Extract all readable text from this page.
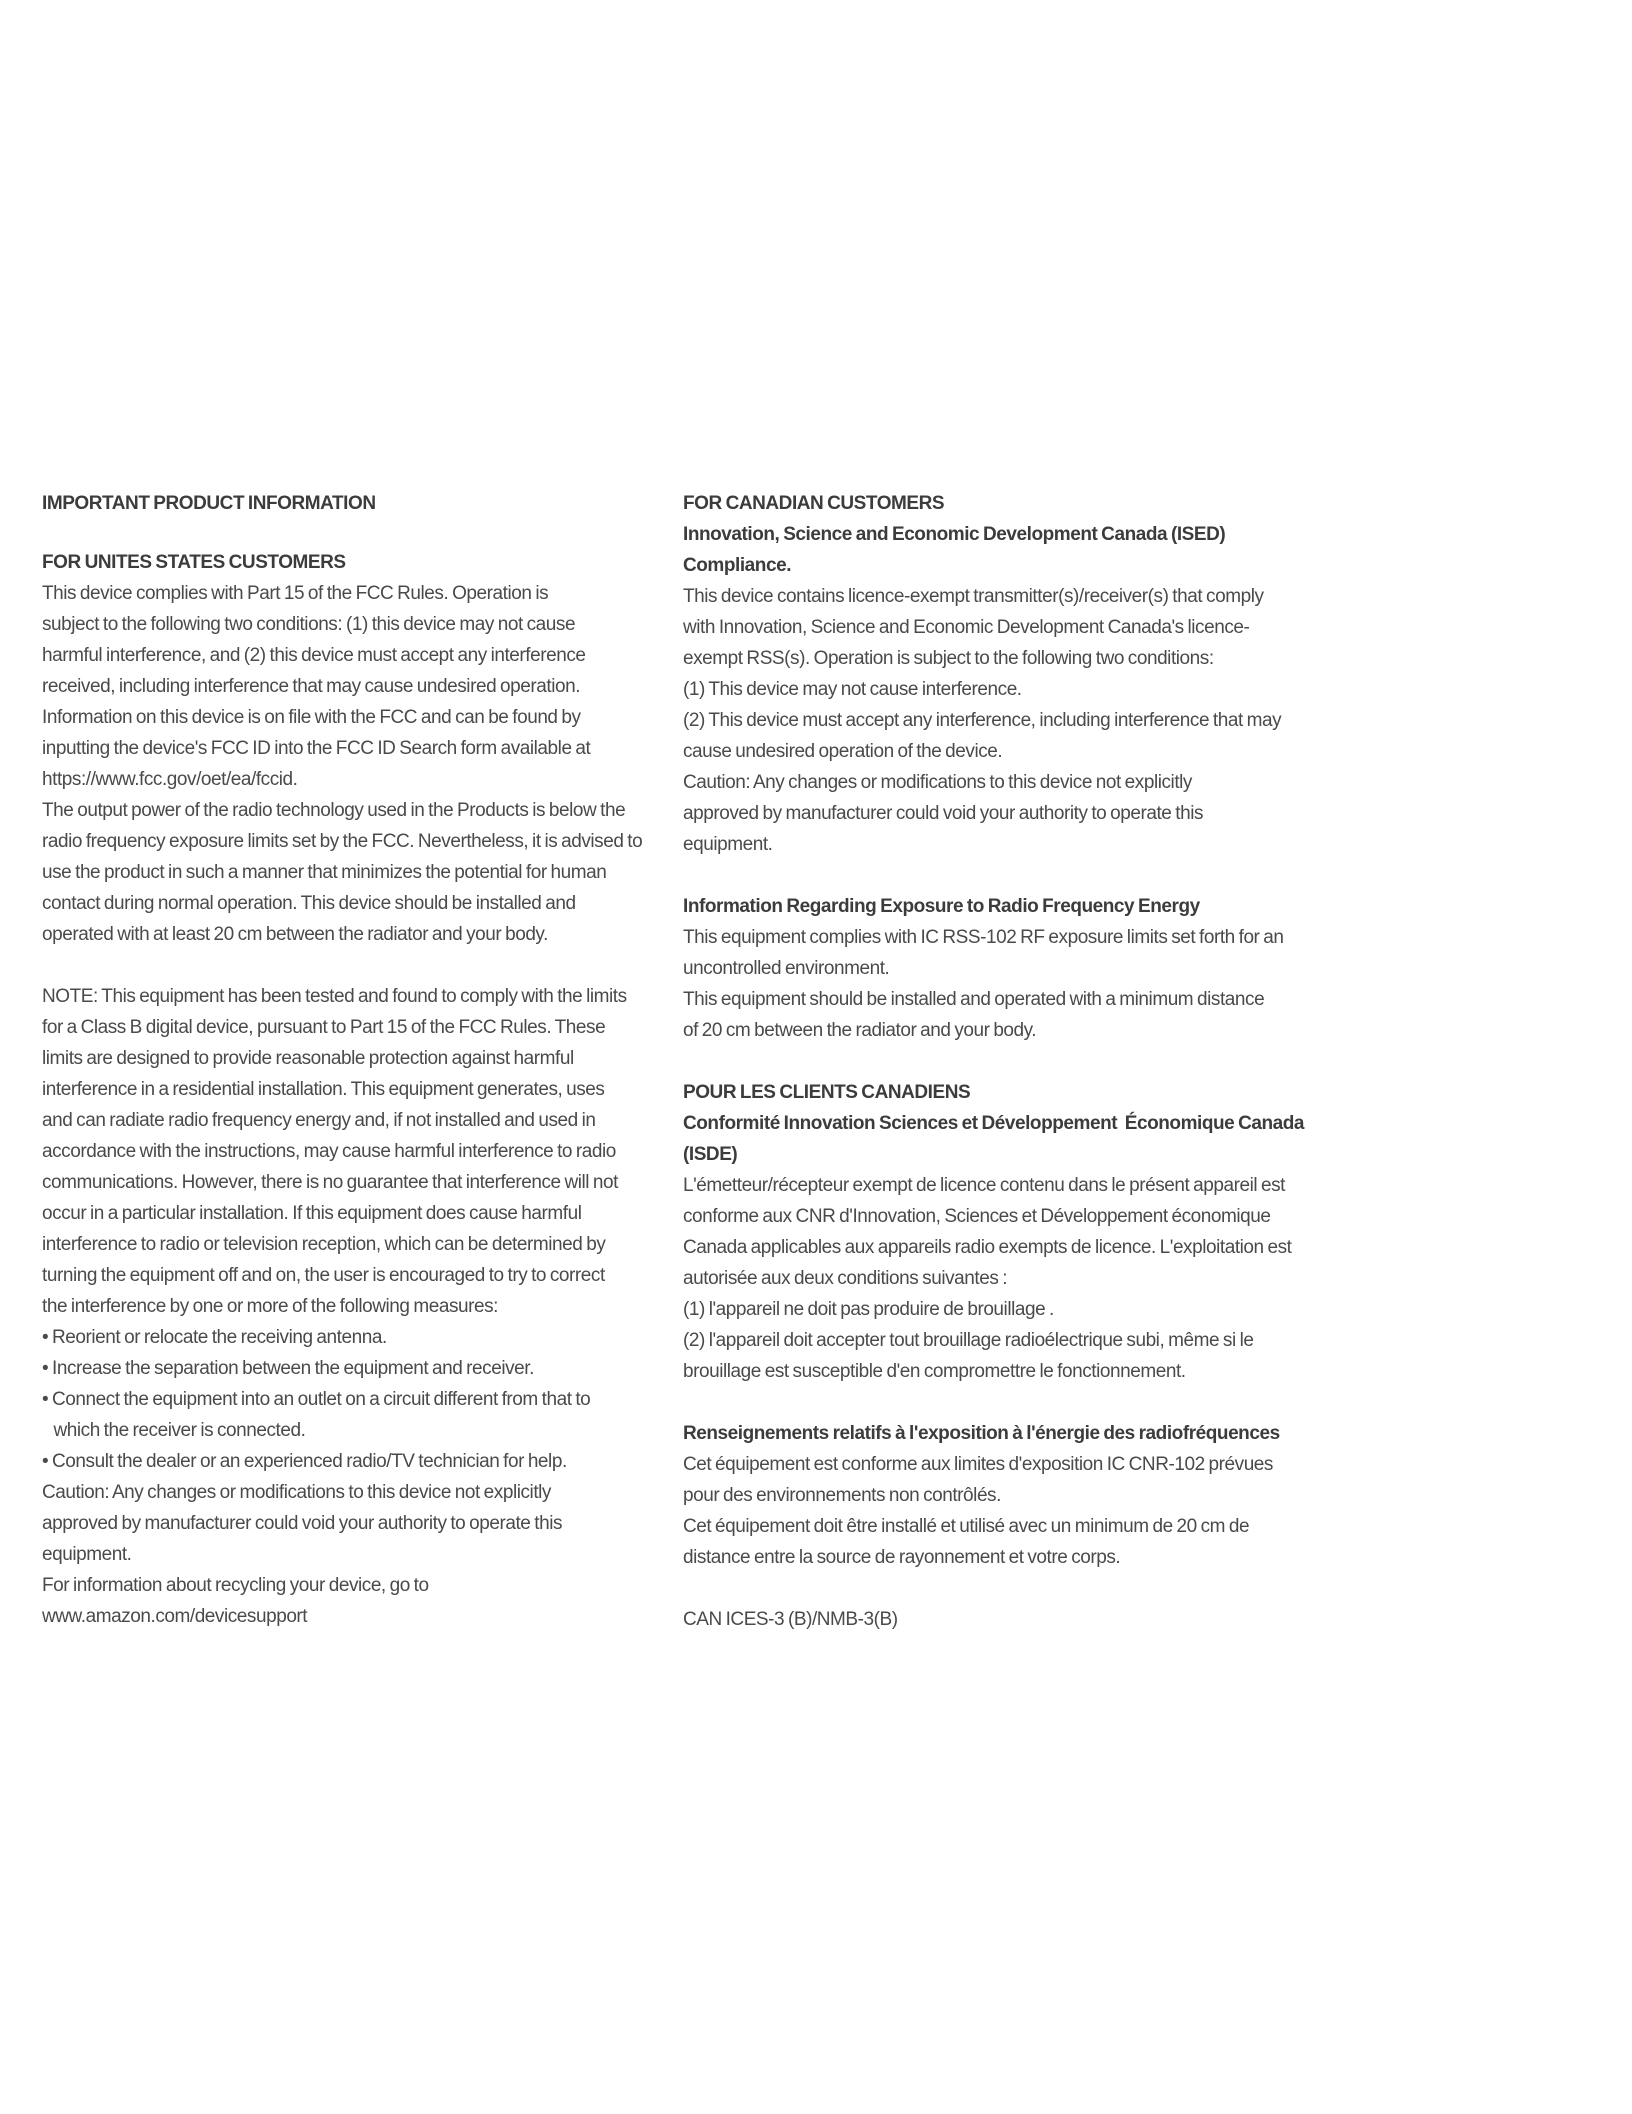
IMPORTANT PRODUCT INFORMATION

FOR UNITES STATES CUSTOMERS

This device complies with Part 15 of the FCC Rules. Operation is

subject to the following two conditions: (1) this device may not cause

harmful interference, and (2) this device must accept any interference

received, including interference that may cause undesired operation.

Information on this device is on file with the FCC and can be found by

inputting the device's FCC ID into the FCC ID Search form available at

https://www.fcc.gov/oet/ea/fccid.

The output power of the radio technology used in the Products is below the

radio frequency exposure limits set by the FCC. Nevertheless, it is advised to

use the product in such a manner that minimizes the potential for human

contact during normal operation. This device should be installed and

operated with at least 20 cm between the radiator and your body.

NOTE: This equipment has been tested and found to comply with the limits

for a Class B digital device, pursuant to Part 15 of the FCC Rules. These

limits are designed to provide reasonable protection against harmful

interference in a residential installation. This equipment generates, uses

and can radiate radio frequency energy and, if not installed and used in

accordance with the instructions, may cause harmful interference to radio

communications. However, there is no guarantee that interference will not

occur in a particular installation. If this equipment does cause harmful

interference to radio or television reception, which can be determined by

turning the equipment off and on, the user is encouraged to try to correct

the interference by one or more of the following measures:

• Reorient or relocate the receiving antenna.

• Increase the separation between the equipment and receiver.

• Connect the equipment into an outlet on a circuit different from that to

which the receiver is connected.

• Consult the dealer or an experienced radio/TV technician for help.

Caution: Any changes or modifications to this device not explicitly

approved by manufacturer could void your authority to operate this

equipment.

For information about recycling your device, go to

www.amazon.com/devicesupport

FOR CANADIAN CUSTOMERS

Innovation, Science and Economic Development Canada (ISED)

Compliance.

This device contains licence-exempt transmitter(s)/receiver(s) that comply

with Innovation, Science and Economic Development Canada's licence-

exempt RSS(s). Operation is subject to the following two conditions:

(1) This device may not cause interference.

(2) This device must accept any interference, including interference that may

cause undesired operation of the device.

Caution: Any changes or modifications to this device not explicitly

approved by manufacturer could void your authority to operate this

equipment.

Information Regarding Exposure to Radio Frequency Energy

This equipment complies with IC RSS-102 RF exposure limits set forth for an

uncontrolled environment.

This equipment should be installed and operated with a minimum distance

of 20 cm between the radiator and your body.

POUR LES CLIENTS CANADIENS

Conformité Innovation Sciences et Développement  Économique Canada

(ISDE)

L'émetteur/récepteur exempt de licence contenu dans le présent appareil est

conforme aux CNR d'Innovation, Sciences et Développement économique

Canada applicables aux appareils radio exempts de licence. L'exploitation est

autorisée aux deux conditions suivantes :

(1) l'appareil ne doit pas produire de brouillage .

(2) l'appareil doit accepter tout brouillage radioélectrique subi, même si le

brouillage est susceptible d'en compromettre le fonctionnement.

Renseignements relatifs à l'exposition à l'énergie des radiofréquences

Cet équipement est conforme aux limites d'exposition IC CNR-102 prévues

pour des environnements non contrôlés.

Cet équipement doit être installé et utilisé avec un minimum de 20 cm de

distance entre la source de rayonnement et votre corps.

CAN ICES-3 (B)/NMB-3(B)
